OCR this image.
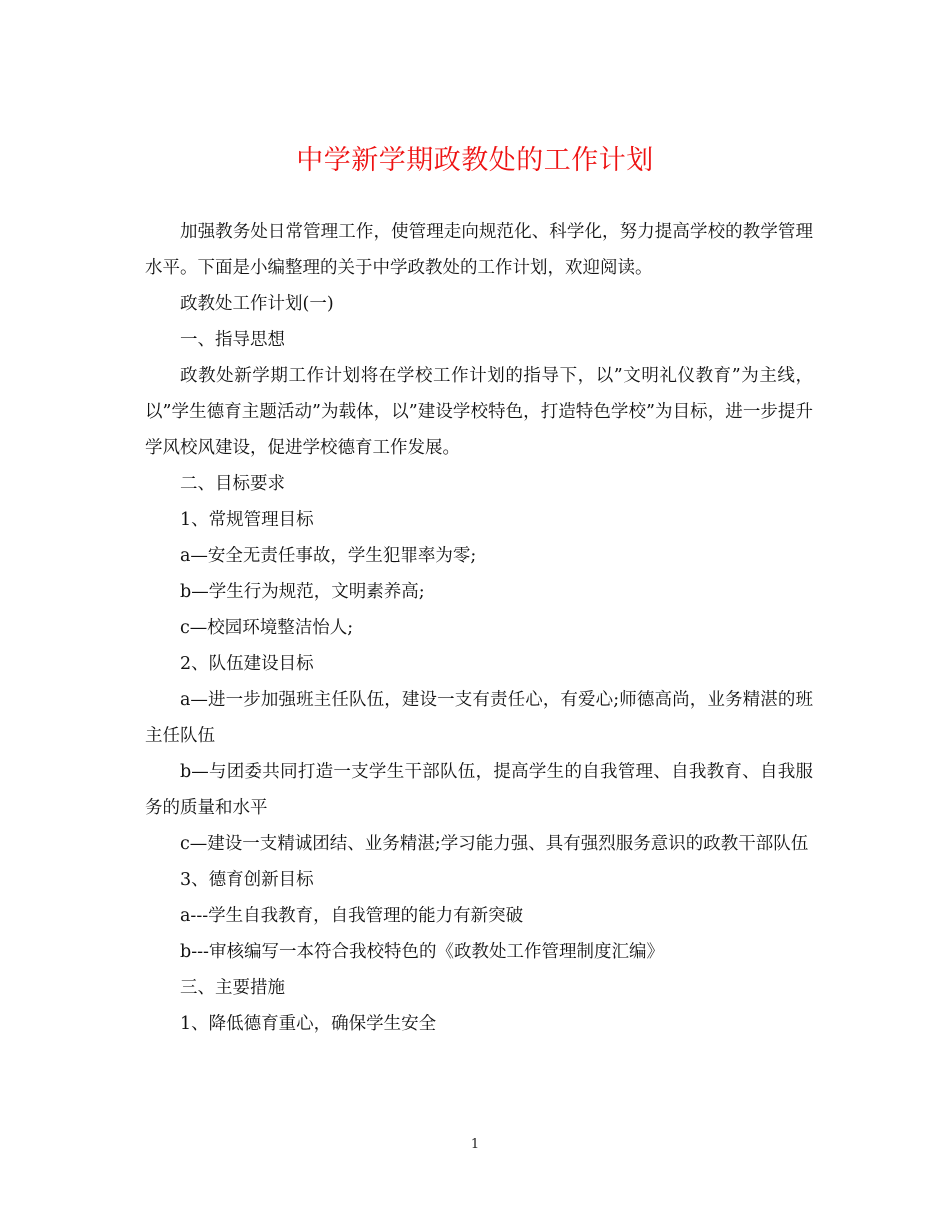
中学新学期政教处的工作计划

加强教务处日常管理工作，使管理走向规范化、科学化，努力提高学校的教学管理水平。下面是小编整理的关于中学政教处的工作计划，欢迎阅读。

政教处工作计划(一)

一、指导思想

政教处新学期工作计划将在学校工作计划的指导下，以”文明礼仪教育”为主线，以”学生德育主题活动”为载体，以”建设学校特色，打造特色学校”为目标，进一步提升学风校风建设，促进学校德育工作发展。

二、目标要求

1、常规管理目标

a—安全无责任事故，学生犯罪率为零;

b—学生行为规范，文明素养高;

c—校园环境整洁怡人;

2、队伍建设目标

a—进一步加强班主任队伍，建设一支有责任心，有爱心;师德高尚，业务精湛的班主任队伍

b—与团委共同打造一支学生干部队伍，提高学生的自我管理、自我教育、自我服务的质量和水平

c—建设一支精诚团结、业务精湛;学习能力强、具有强烈服务意识的政教干部队伍

3、德育创新目标

a---学生自我教育，自我管理的能力有新突破

b---审核编写一本符合我校特色的《政教处工作管理制度汇编》

三、主要措施

1、降低德育重心，确保学生安全

1
